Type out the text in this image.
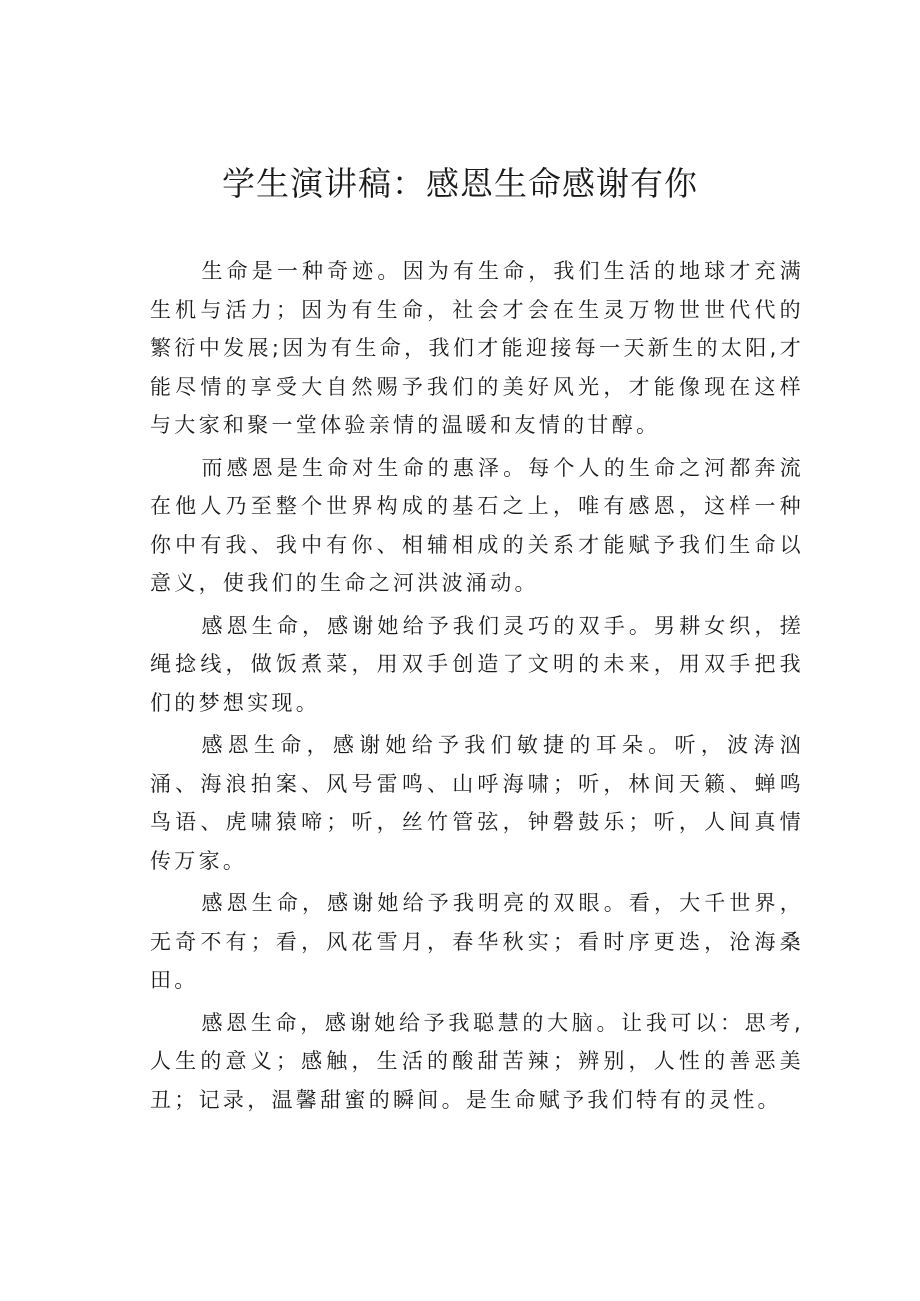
学生演讲稿：感恩生命感谢有你

生命是一种奇迹。因为有生命，我们生活的地球才充满生机与活力；因为有生命，社会才会在生灵万物世世代代的繁衍中发展;因为有生命，我们才能迎接每一天新生的太阳,才能尽情的享受大自然赐予我们的美好风光，才能像现在这样与大家和聚一堂体验亲情的温暖和友情的甘醇。

而感恩是生命对生命的惠泽。每个人的生命之河都奔流在他人乃至整个世界构成的基石之上，唯有感恩，这样一种你中有我、我中有你、相辅相成的关系才能赋予我们生命以意义，使我们的生命之河洪波涌动。

感恩生命，感谢她给予我们灵巧的双手。男耕女织，搓绳捻线，做饭煮菜，用双手创造了文明的未来，用双手把我们的梦想实现。

感恩生命，感谢她给予我们敏捷的耳朵。听，波涛汹涌、海浪拍案、风号雷鸣、山呼海啸；听，林间天籁、蝉鸣鸟语、虎啸猿啼；听，丝竹管弦，钟磬鼓乐；听，人间真情传万家。

感恩生命，感谢她给予我明亮的双眼。看，大千世界，无奇不有；看，风花雪月，春华秋实；看时序更迭，沧海桑田。

感恩生命，感谢她给予我聪慧的大脑。让我可以：思考,人生的意义；感触，生活的酸甜苦辣；辨别，人性的善恶美丑；记录，温馨甜蜜的瞬间。是生命赋予我们特有的灵性。
